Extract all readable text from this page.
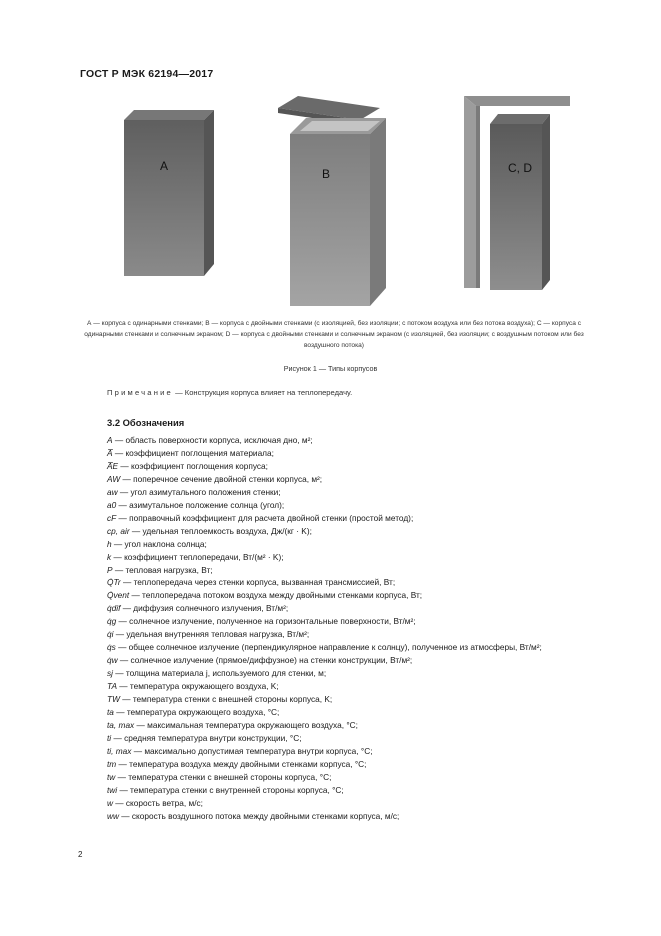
ГОСТ Р МЭК 62194—2017
A
B	C, D
А — корпуса с одинарными стенками; В — корпуса с двойными стенками (с изоляцией, без изоляции; с потоком воздуха или без потока воздуха); С — корпуса с одинарными стенками и солнечным экраном; D — корпуса с двойными стенками и солнечным экраном (с изоляцией, без изоляции; с воздушным потоком или без воздушного потока)
Рисунок 1 — Типы корпусов
Примечание — Конструкция корпуса влияет на теплопередачу.
3.2 Обозначения
A — область поверхности корпуса, исключая дно, м²;
A̅ — коэффициент поглощения материала;
A̅E — коэффициент поглощения корпуса;
AW — поперечное сечение двойной стенки корпуса, м²;
aw — угол азимутального положения стенки;
a0 — азимутальное положение солнца (угол);
cF — поправочный коэффициент для расчета двойной стенки (простой метод);
cp, air — удельная теплоемкость воздуха, Дж/(кг · K);
h — угол наклона солнца;
k — коэффициент теплопередачи, Вт/(м² · K);
P — тепловая нагрузка, Вт;
Q̇Tr — теплопередача через стенки корпуса, вызванная трансмиссией, Вт;
Q̇vent — теплопередача потоком воздуха между двойными стенками корпуса, Вт;
q̇dif — диффузия солнечного излучения, Вт/м²;
q̇g — солнечное излучение, полученное на горизонтальные поверхности, Вт/м²;
q̇i — удельная внутренняя тепловая нагрузка, Вт/м²;
q̇s — общее солнечное излучение (перпендикулярное направление к солнцу), полученное из атмосферы, Вт/м²;
q̇w — солнечное излучение (прямое/диффузное) на стенки конструкции, Вт/м²;
sj — толщина материала j, используемого для стенки, м;
TA — температура окружающего воздуха, K;
TW — температура стенки с внешней стороны корпуса, K;
ta — температура окружающего воздуха, °C;
ta, max — максимальная температура окружающего воздуха, °C;
ti — средняя температура внутри конструкции, °C;
ti, max — максимально допустимая температура внутри корпуса, °C;
tm — температура воздуха между двойными стенками корпуса, °C;
tw — температура стенки с внешней стороны корпуса, °C;
twi — температура стенки с внутренней стороны корпуса, °C;
w — скорость ветра, м/с;
ww — скорость воздушного потока между двойными стенками корпуса, м/с;
2
